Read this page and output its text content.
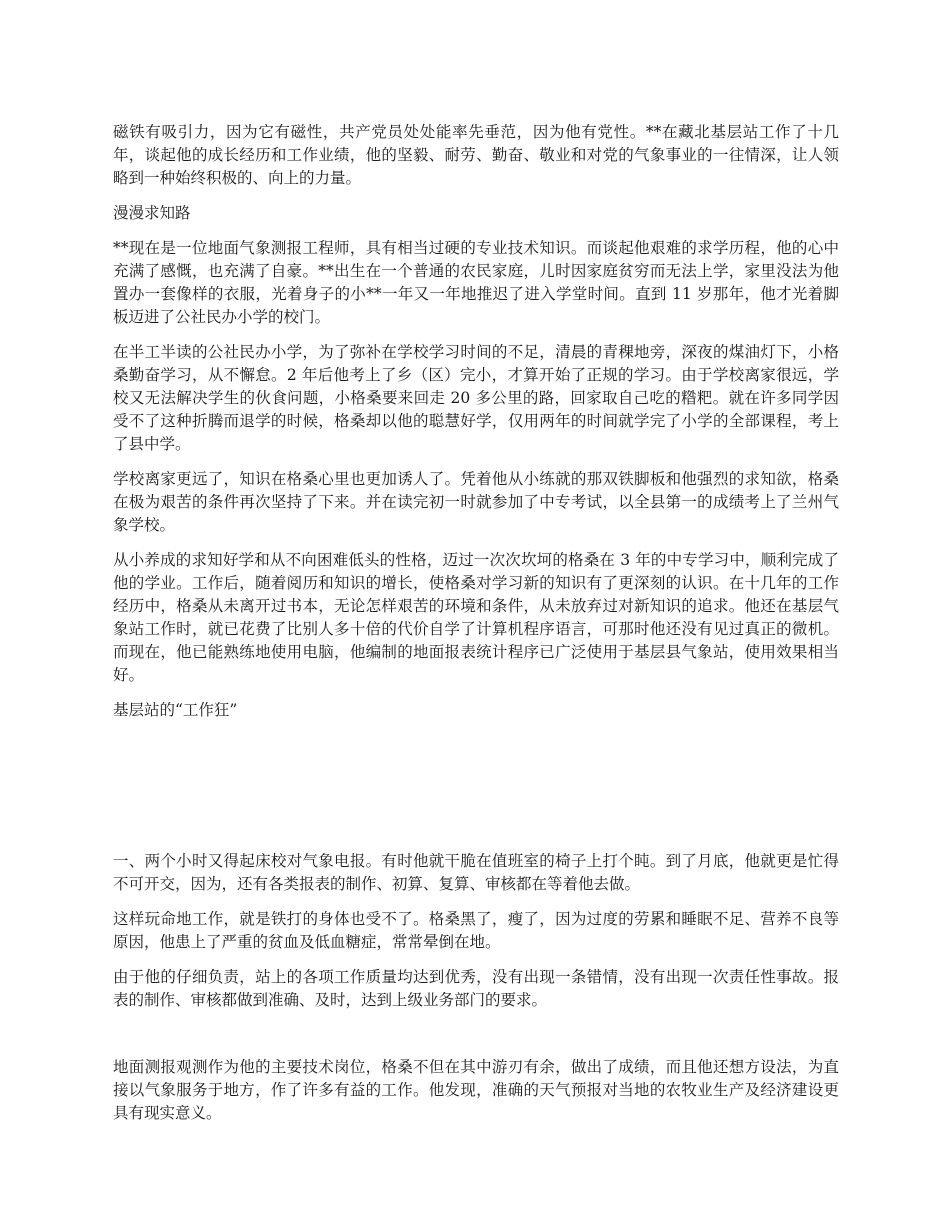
磁铁有吸引力，因为它有磁性，共产党员处处能率先垂范，因为他有党性。**在藏北基层站工作了十几年，谈起他的成长经历和工作业绩，他的坚毅、耐劳、勤奋、敬业和对党的气象事业的一往情深，让人领略到一种始终积极的、向上的力量。

漫漫求知路

**现在是一位地面气象测报工程师，具有相当过硬的专业技术知识。而谈起他艰难的求学历程，他的心中充满了感慨，也充满了自豪。**出生在一个普通的农民家庭，儿时因家庭贫穷而无法上学，家里没法为他置办一套像样的衣服，光着身子的小**一年又一年地推迟了进入学堂时间。直到 11 岁那年，他才光着脚板迈进了公社民办小学的校门。

在半工半读的公社民办小学，为了弥补在学校学习时间的不足，清晨的青稞地旁，深夜的煤油灯下，小格桑勤奋学习，从不懈怠。2 年后他考上了乡（区）完小，才算开始了正规的学习。由于学校离家很远，学校又无法解决学生的伙食问题，小格桑要来回走 20 多公里的路，回家取自己吃的糌粑。就在许多同学因受不了这种折腾而退学的时候，格桑却以他的聪慧好学，仅用两年的时间就学完了小学的全部课程，考上了县中学。

学校离家更远了，知识在格桑心里也更加诱人了。凭着他从小练就的那双铁脚板和他强烈的求知欲，格桑在极为艰苦的条件再次坚持了下来。并在读完初一时就参加了中专考试，以全县第一的成绩考上了兰州气象学校。

从小养成的求知好学和从不向困难低头的性格，迈过一次次坎坷的格桑在 3 年的中专学习中，顺利完成了他的学业。工作后，随着阅历和知识的增长，使格桑对学习新的知识有了更深刻的认识。在十几年的工作经历中，格桑从未离开过书本，无论怎样艰苦的环境和条件，从未放弃过对新知识的追求。他还在基层气象站工作时，就已花费了比别人多十倍的代价自学了计算机程序语言，可那时他还没有见过真正的微机。而现在，他已能熟练地使用电脑，他编制的地面报表统计程序已广泛使用于基层县气象站，使用效果相当好。

基层站的“工作狂”

一、两个小时又得起床校对气象电报。有时他就干脆在值班室的椅子上打个盹。到了月底，他就更是忙得不可开交，因为，还有各类报表的制作、初算、复算、审核都在等着他去做。

这样玩命地工作，就是铁打的身体也受不了。格桑黑了，瘦了，因为过度的劳累和睡眠不足、营养不良等原因，他患上了严重的贫血及低血糖症，常常晕倒在地。

由于他的仔细负责，站上的各项工作质量均达到优秀，没有出现一条错情，没有出现一次责任性事故。报表的制作、审核都做到准确、及时，达到上级业务部门的要求。

地面测报观测作为他的主要技术岗位，格桑不但在其中游刃有余，做出了成绩，而且他还想方设法，为直接以气象服务于地方，作了许多有益的工作。他发现，准确的天气预报对当地的农牧业生产及经济建设更具有现实意义。
